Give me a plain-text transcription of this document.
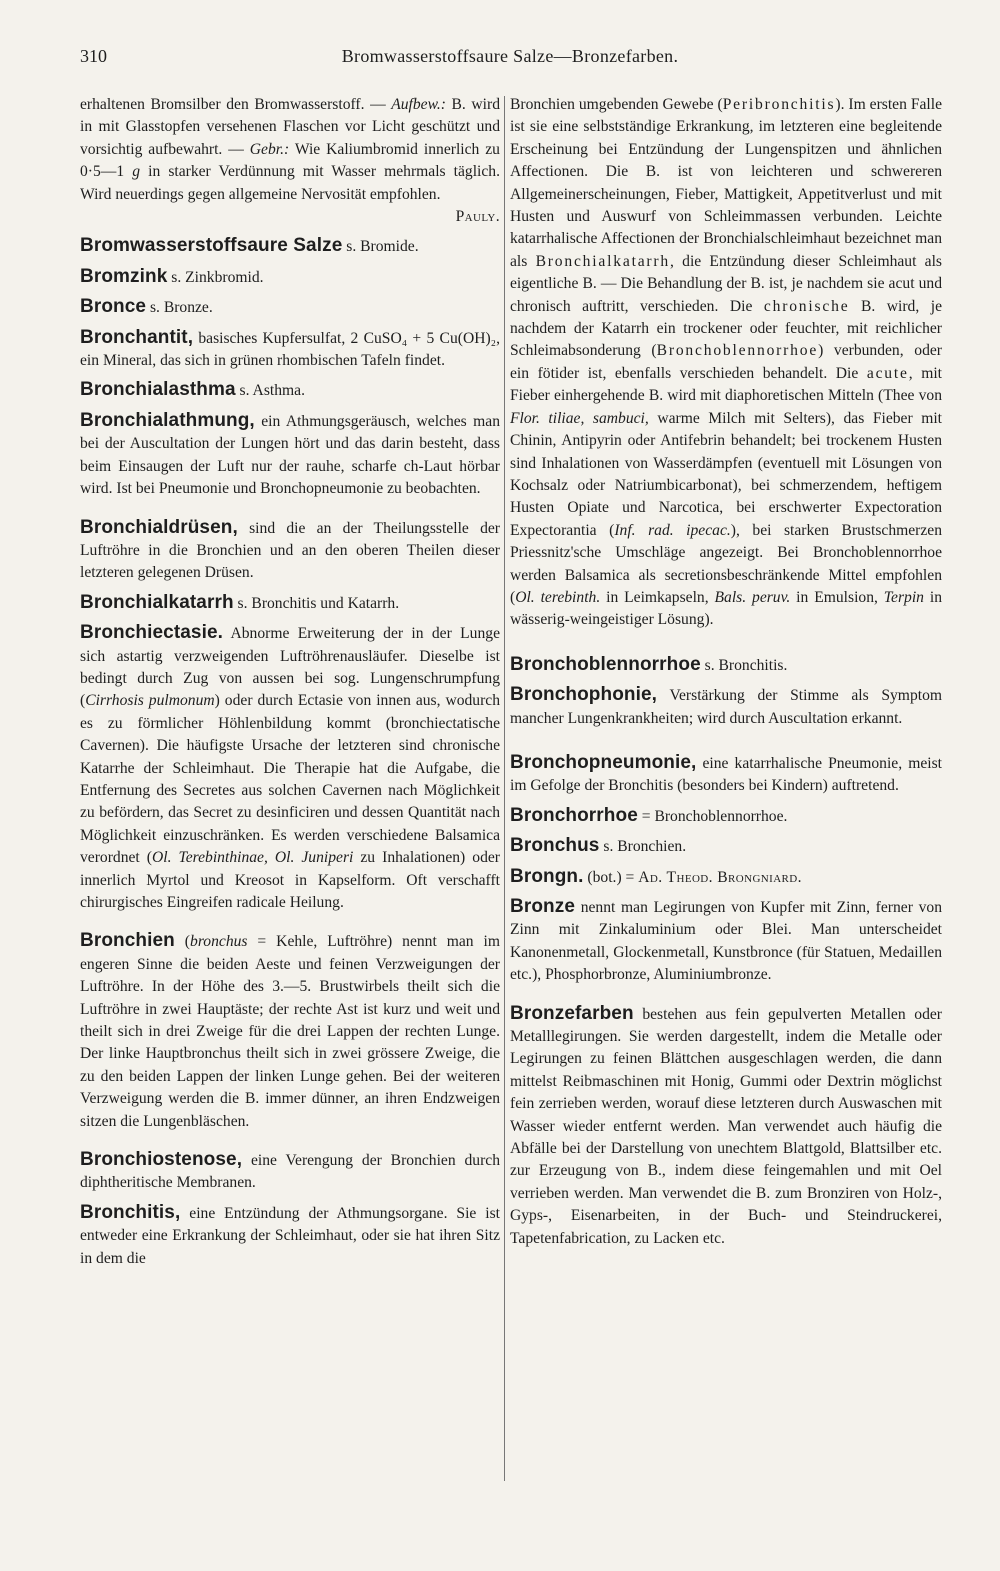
310	Bromwasserstoffsaure Salze—Bronzefarben.

erhaltenen Bromsilber den Bromwasserstoff. — Aufbew.: B. wird in mit Glasstopfen versehenen Flaschen vor Licht geschützt und vorsichtig aufbewahrt. — Gebr.: Wie Kaliumbromid innerlich zu 0·5—1 g in starker Verdünnung mit Wasser mehrmals täglich. Wird neuerdings gegen allgemeine Nervosität empfohlen.
Pauly.

Bromwasserstoffsaure Salze s. Bromide.

Bromzink s. Zinkbromid.

Bronce s. Bronze.

Bronchantit, basisches Kupfersulfat, 2 CuSO₄ + 5 Cu(OH)₂, ein Mineral, das sich in grünen rhombischen Tafeln findet.

Bronchialasthma s. Asthma.

Bronchialathmung, ein Athmungsgeräusch, welches man bei der Auscultation der Lungen hört und das darin besteht, dass beim Einsaugen der Luft nur der rauhe, scharfe ch-Laut hörbar wird. Ist bei Pneumonie und Bronchopneumonie zu beobachten.

Bronchialdrüsen, sind die an der Theilungsstelle der Luftröhre in die Bronchien und an den oberen Theilen dieser letzteren gelegenen Drüsen.

Bronchialkatarrh s. Bronchitis und Katarrh.

Bronchiectasie. Abnorme Erweiterung der in der Lunge sich astartig verzweigenden Luftröhrenausläufer. Dieselbe ist bedingt durch Zug von aussen bei sog. Lungenschrumpfung (Cirrhosis pulmonum) oder durch Ectasie von innen aus, wodurch es zu förmlicher Höhlenbildung kommt (bronchiectatische Cavernen). Die häufigste Ursache der letzteren sind chronische Katarrhe der Schleimhaut. Die Therapie hat die Aufgabe, die Entfernung des Secretes aus solchen Cavernen nach Möglichkeit zu befördern, das Secret zu desinficiren und dessen Quantität nach Möglichkeit einzuschränken. Es werden verschiedene Balsamica verordnet (Ol. Terebinthinae, Ol. Juniperi zu Inhalationen) oder innerlich Myrtol und Kreosot in Kapselform. Oft verschafft chirurgisches Eingreifen radicale Heilung.

Bronchien (bronchus = Kehle, Luftröhre) nennt man im engeren Sinne die beiden Aeste und feinen Verzweigungen der Luftröhre. In der Höhe des 3.—5. Brustwirbels theilt sich die Luftröhre in zwei Hauptäste; der rechte Ast ist kurz und weit und theilt sich in drei Zweige für die drei Lappen der rechten Lunge. Der linke Hauptbronchus theilt sich in zwei grössere Zweige, die zu den beiden Lappen der linken Lunge gehen. Bei der weiteren Verzweigung werden die B. immer dünner, an ihren Endzweigen sitzen die Lungenbläschen.

Bronchiostenose, eine Verengung der Bronchien durch diphtheritische Membranen.

Bronchitis, eine Entzündung der Athmungsorgane. Sie ist entweder eine Erkrankung der Schleimhaut, oder sie hat ihren Sitz in dem die

Bronchien umgebenden Gewebe (Peribronchitis). Im ersten Falle ist sie eine selbstständige Erkrankung, im letzteren eine begleitende Erscheinung bei Entzündung der Lungenspitzen und ähnlichen Affectionen. Die B. ist von leichteren und schwereren Allgemeinerscheinungen, Fieber, Mattigkeit, Appetitverlust und mit Husten und Auswurf von Schleimmassen verbunden. Leichte katarrhalische Affectionen der Bronchialschleimhaut bezeichnet man als Bronchialkatarrh, die Entzündung dieser Schleimhaut als eigentliche B. — Die Behandlung der B. ist, je nachdem sie acut und chronisch auftritt, verschieden. Die chronische B. wird, je nachdem der Katarrh ein trockener oder feuchter, mit reichlicher Schleimabsonderung (Bronchoblennorrhoe) verbunden, oder ein fötider ist, ebenfalls verschieden behandelt. Die acute, mit Fieber einhergehende B. wird mit diaphoretischen Mitteln (Thee von Flor. tiliae, sambuci, warme Milch mit Selters), das Fieber mit Chinin, Antipyrin oder Antifebrin behandelt; bei trockenem Husten sind Inhalationen von Wasserdämpfen (eventuell mit Lösungen von Kochsalz oder Natriumbicarbonat), bei schmerzendem, heftigem Husten Opiate und Narcotica, bei erschwerter Expectoration Expectorantia (Inf. rad. ipecac.), bei starken Brustschmerzen Priessnitz'sche Umschläge angezeigt. Bei Bronchoblennorrhoe werden Balsamica als secretionsbeschränkende Mittel empfohlen (Ol. terebinth. in Leimkapseln, Bals. peruv. in Emulsion, Terpin in wässerig-weingeistiger Lösung).

Bronchoblennorrhoe s. Bronchitis.

Bronchophonie, Verstärkung der Stimme als Symptom mancher Lungenkrankheiten; wird durch Auscultation erkannt.

Bronchopneumonie, eine katarrhalische Pneumonie, meist im Gefolge der Bronchitis (besonders bei Kindern) auftretend.

Bronchorrhoe = Bronchoblennorrhoe.

Bronchus s. Bronchien.

Brongn. (bot.) = Ad. Theod. Brongniard.

Bronze nennt man Legirungen von Kupfer mit Zinn, ferner von Zinn mit Zinkaluminium oder Blei. Man unterscheidet Kanonenmetall, Glockenmetall, Kunstbronce (für Statuen, Medaillen etc.), Phosphorbronze, Aluminiumbronze.

Bronzefarben bestehen aus fein gepulverten Metallen oder Metalllegirungen. Sie werden dargestellt, indem die Metalle oder Legirungen zu feinen Blättchen ausgeschlagen werden, die dann mittelst Reibmaschinen mit Honig, Gummi oder Dextrin möglichst fein zerrieben werden, worauf diese letzteren durch Auswaschen mit Wasser wieder entfernt werden. Man verwendet auch häufig die Abfälle bei der Darstellung von unechtem Blattgold, Blattsilber etc. zur Erzeugung von B., indem diese feingemahlen und mit Oel verrieben werden. Man verwendet die B. zum Bronziren von Holz-, Gyps-, Eisenarbeiten, in der Buch- und Steindruckerei, Tapetenfabrication, zu Lacken etc.
